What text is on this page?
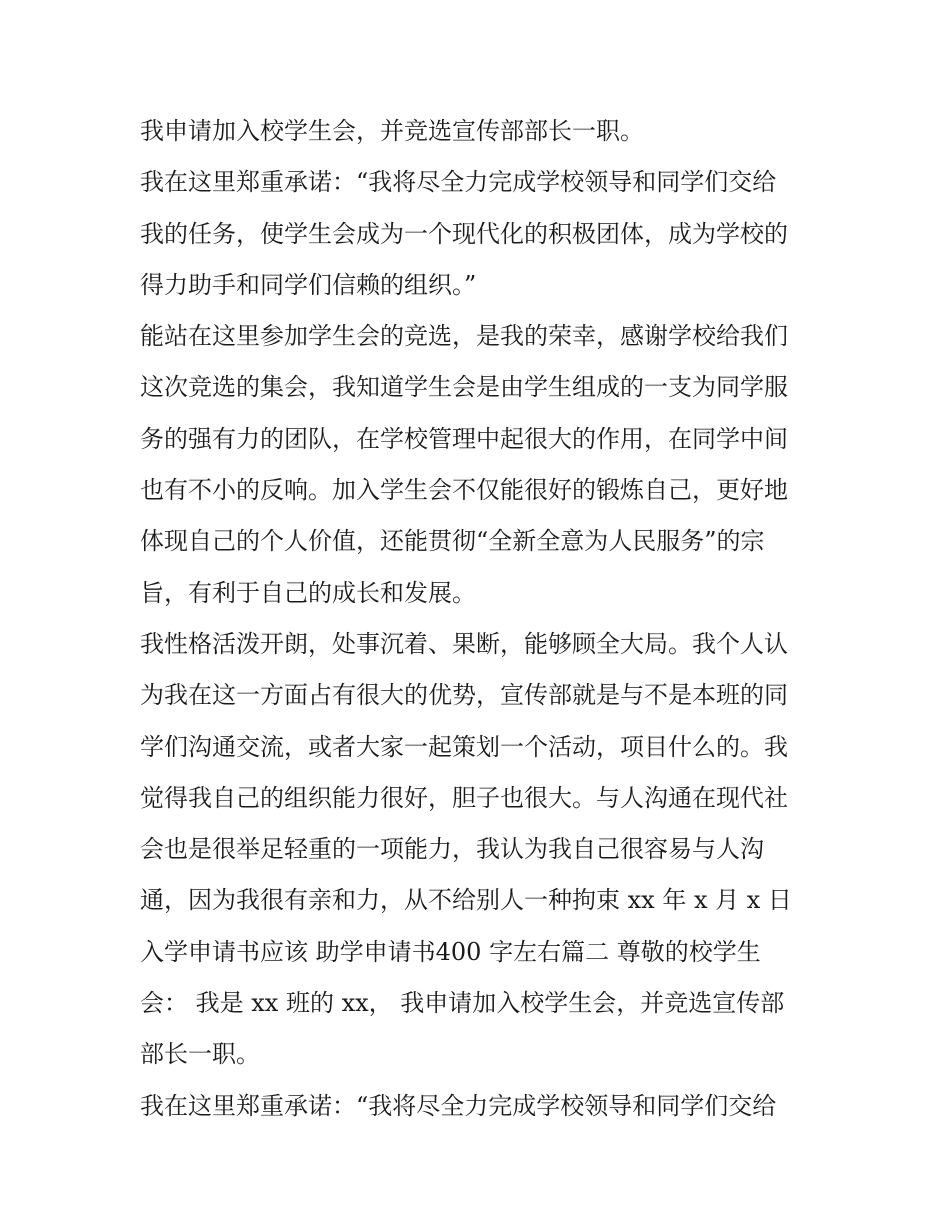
我申请加入校学生会，并竞选宣传部部长一职。
我在这里郑重承诺：“我将尽全力完成学校领导和同学们交给
我的任务，使学生会成为一个现代化的积极团体，成为学校的
得力助手和同学们信赖的组织。”
能站在这里参加学生会的竞选，是我的荣幸，感谢学校给我们
这次竞选的集会，我知道学生会是由学生组成的一支为同学服
务的强有力的团队，在学校管理中起很大的作用，在同学中间
也有不小的反响。加入学生会不仅能很好的锻炼自己，更好地
体现自己的个人价值，还能贯彻“全新全意为人民服务”的宗
旨，有利于自己的成长和发展。
我性格活泼开朗，处事沉着、果断，能够顾全大局。我个人认
为我在这一方面占有很大的优势，宣传部就是与不是本班的同
学们沟通交流，或者大家一起策划一个活动，项目什么的。我
觉得我自己的组织能力很好，胆子也很大。与人沟通在现代社
会也是很举足轻重的一项能力，我认为我自己很容易与人沟
通，因为我很有亲和力，从不给别人一种拘束 xx 年 x 月 x 日
入学申请书应该 助学申请书400 字左右篇二 尊敬的校学生
会： 我是 xx 班的 xx， 我申请加入校学生会，并竞选宣传部
部长一职。
我在这里郑重承诺：“我将尽全力完成学校领导和同学们交给
